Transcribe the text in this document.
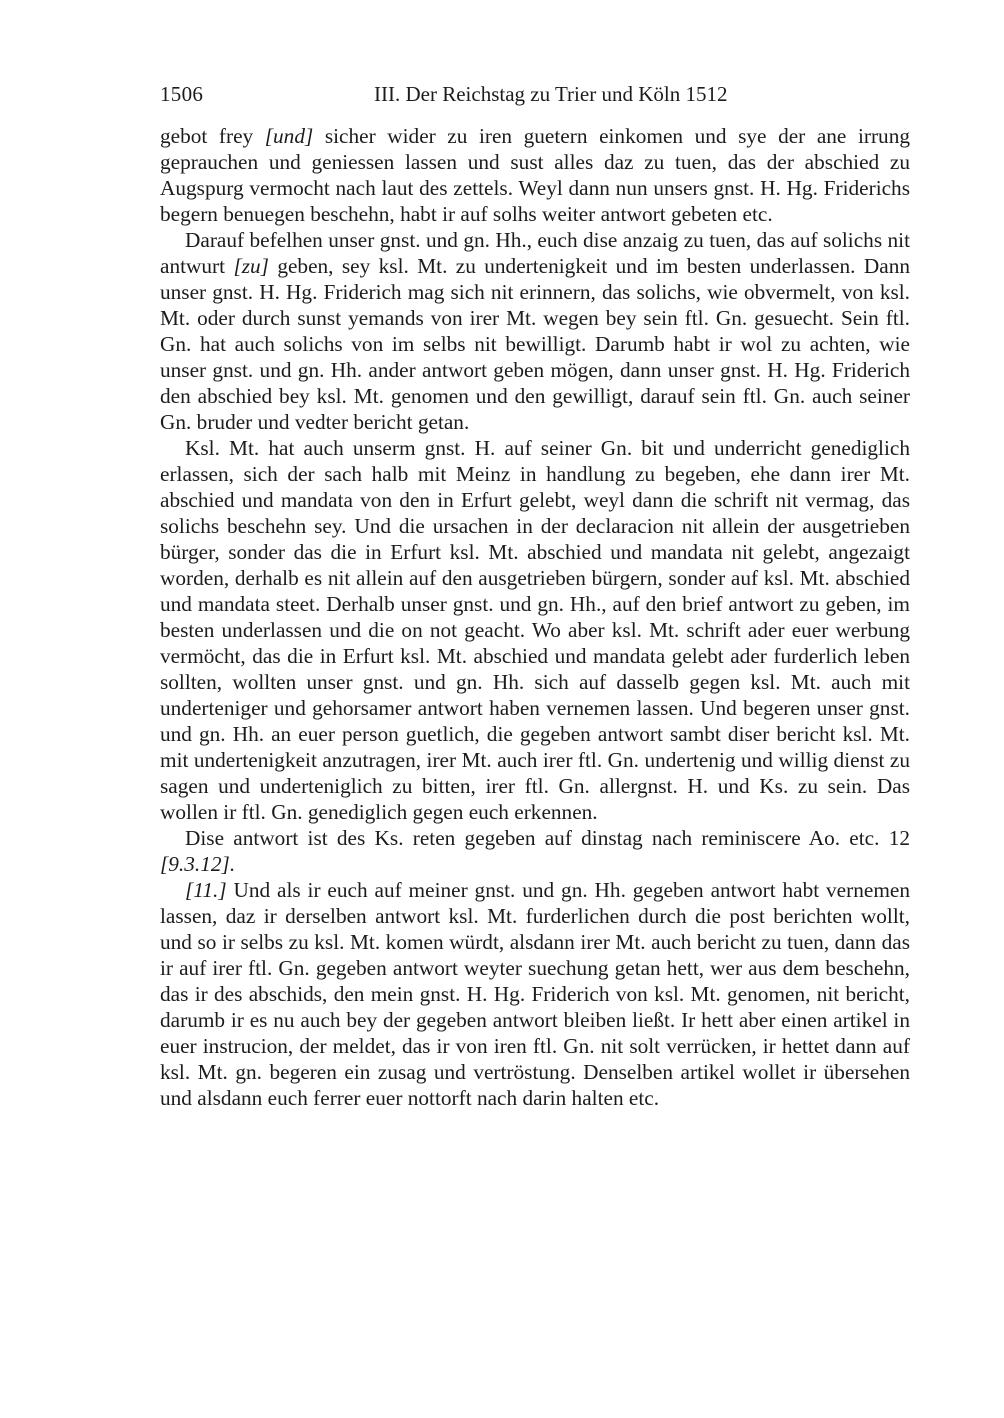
1506	III. Der Reichstag zu Trier und Köln 1512

gebot frey [und] sicher wider zu iren guetern einkomen und sye der ane irrung geprauchen und geniessen lassen und sust alles daz zu tuen, das der abschied zu Augspurg vermocht nach laut des zettels. Weyl dann nun unsers gnst. H. Hg. Friderichs begern benuegen beschehn, habt ir auf solhs weiter antwort gebeten etc.

Darauf befelhen unser gnst. und gn. Hh., euch dise anzaig zu tuen, das auf solichs nit antwurt [zu] geben, sey ksl. Mt. zu undertenigkeit und im besten underlassen. Dann unser gnst. H. Hg. Friderich mag sich nit erinnern, das solichs, wie obvermelt, von ksl. Mt. oder durch sunst yemands von irer Mt. wegen bey sein ftl. Gn. gesuecht. Sein ftl. Gn. hat auch solichs von im selbs nit bewilligt. Darumb habt ir wol zu achten, wie unser gnst. und gn. Hh. ander antwort geben mögen, dann unser gnst. H. Hg. Friderich den abschied bey ksl. Mt. genomen und den gewilligt, darauf sein ftl. Gn. auch seiner Gn. bruder und vedter bericht getan.

Ksl. Mt. hat auch unserm gnst. H. auf seiner Gn. bit und underricht genediglich erlassen, sich der sach halb mit Meinz in handlung zu begeben, ehe dann irer Mt. abschied und mandata von den in Erfurt gelebt, weyl dann die schrift nit vermag, das solichs beschehn sey. Und die ursachen in der declaracion nit allein der ausgetrieben bürger, sonder das die in Erfurt ksl. Mt. abschied und mandata nit gelebt, angezaigt worden, derhalb es nit allein auf den ausgetrieben bürgern, sonder auf ksl. Mt. abschied und mandata steet. Derhalb unser gnst. und gn. Hh., auf den brief antwort zu geben, im besten underlassen und die on not geacht. Wo aber ksl. Mt. schrift ader euer werbung vermöcht, das die in Erfurt ksl. Mt. abschied und mandata gelebt ader furderlich leben sollten, wollten unser gnst. und gn. Hh. sich auf dasselb gegen ksl. Mt. auch mit underteniger und gehorsamer antwort haben vernemen lassen. Und begeren unser gnst. und gn. Hh. an euer person guetlich, die gegeben antwort sambt diser bericht ksl. Mt. mit undertenigkeit anzutragen, irer Mt. auch irer ftl. Gn. undertenig und willig dienst zu sagen und underteniglich zu bitten, irer ftl. Gn. allergnst. H. und Ks. zu sein. Das wollen ir ftl. Gn. genediglich gegen euch erkennen.

Dise antwort ist des Ks. reten gegeben auf dinstag nach reminiscere Ao. etc. 12 [9.3.12].

[11.] Und als ir euch auf meiner gnst. und gn. Hh. gegeben antwort habt vernemen lassen, daz ir derselben antwort ksl. Mt. furderlichen durch die post berichten wollt, und so ir selbs zu ksl. Mt. komen würdt, alsdann irer Mt. auch bericht zu tuen, dann das ir auf irer ftl. Gn. gegeben antwort weyter suechung getan hett, wer aus dem beschehn, das ir des abschids, den mein gnst. H. Hg. Friderich von ksl. Mt. genomen, nit bericht, darumb ir es nu auch bey der gegeben antwort bleiben ließt. Ir hett aber einen artikel in euer instrucion, der meldet, das ir von iren ftl. Gn. nit solt verrücken, ir hettet dann auf ksl. Mt. gn. begeren ein zusag und vertröstung. Denselben artikel wollet ir übersehen und alsdann euch ferrer euer nottorft nach darin halten etc.
